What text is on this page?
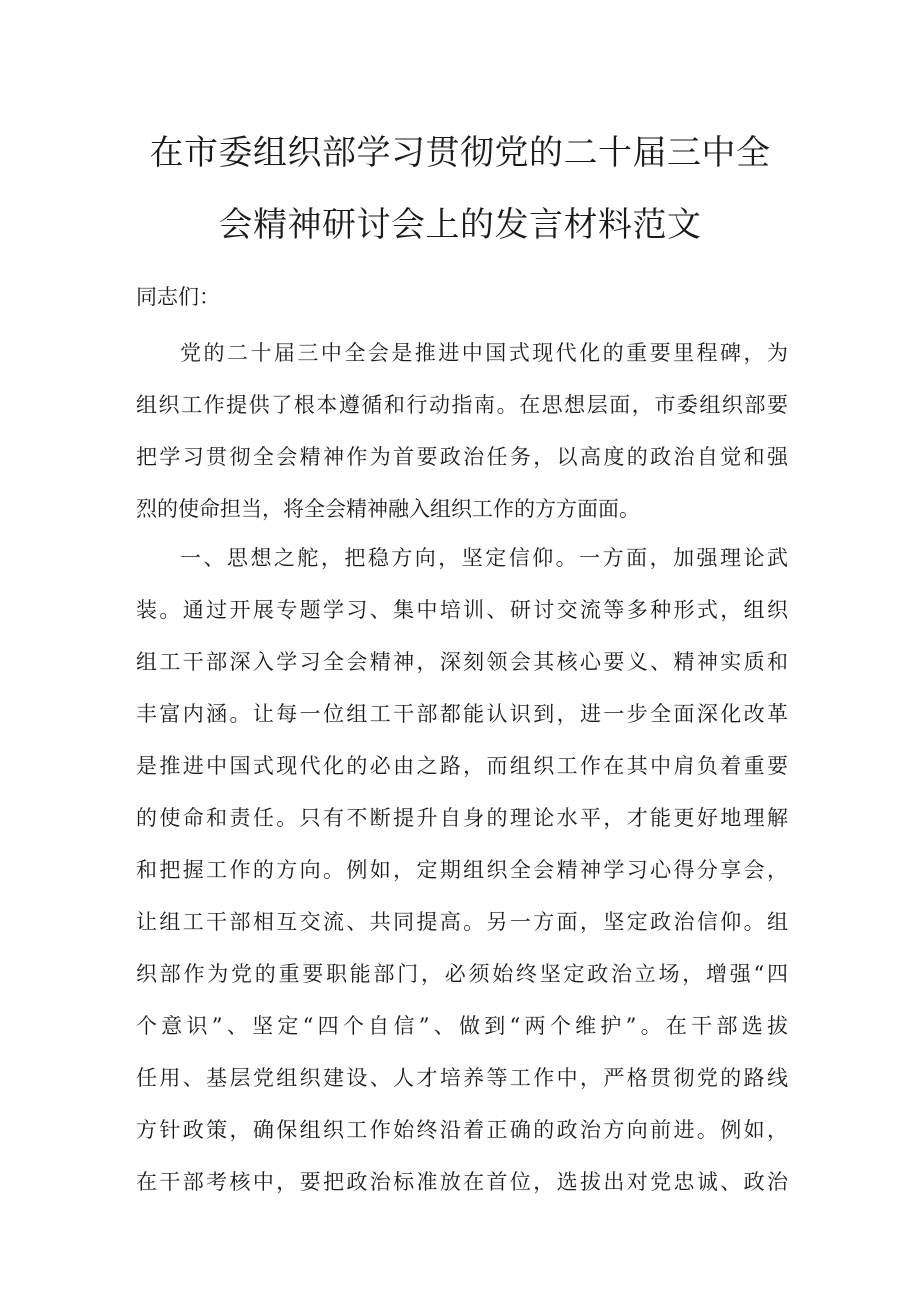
在市委组织部学习贯彻党的二十届三中全
会精神研讨会上的发言材料范文
同志们：
党的二十届三中全会是推进中国式现代化的重要里程碑，为
组织工作提供了根本遵循和行动指南。在思想层面，市委组织部要
把学习贯彻全会精神作为首要政治任务，以高度的政治自觉和强
烈的使命担当，将全会精神融入组织工作的方方面面。
一、思想之舵，把稳方向，坚定信仰。一方面，加强理论武
装。通过开展专题学习、集中培训、研讨交流等多种形式，组织
组工干部深入学习全会精神，深刻领会其核心要义、精神实质和
丰富内涵。让每一位组工干部都能认识到，进一步全面深化改革
是推进中国式现代化的必由之路，而组织工作在其中肩负着重要
的使命和责任。只有不断提升自身的理论水平，才能更好地理解
和把握工作的方向。例如，定期组织全会精神学习心得分享会，
让组工干部相互交流、共同提高。另一方面，坚定政治信仰。组
织部作为党的重要职能部门，必须始终坚定政治立场，增强“四
个意识”、坚定“四个自信”、做到“两个维护”。在干部选拔
任用、基层党组织建设、人才培养等工作中，严格贯彻党的路线
方针政策，确保组织工作始终沿着正确的政治方向前进。例如，
在干部考核中，要把政治标准放在首位，选拔出对党忠诚、政治
